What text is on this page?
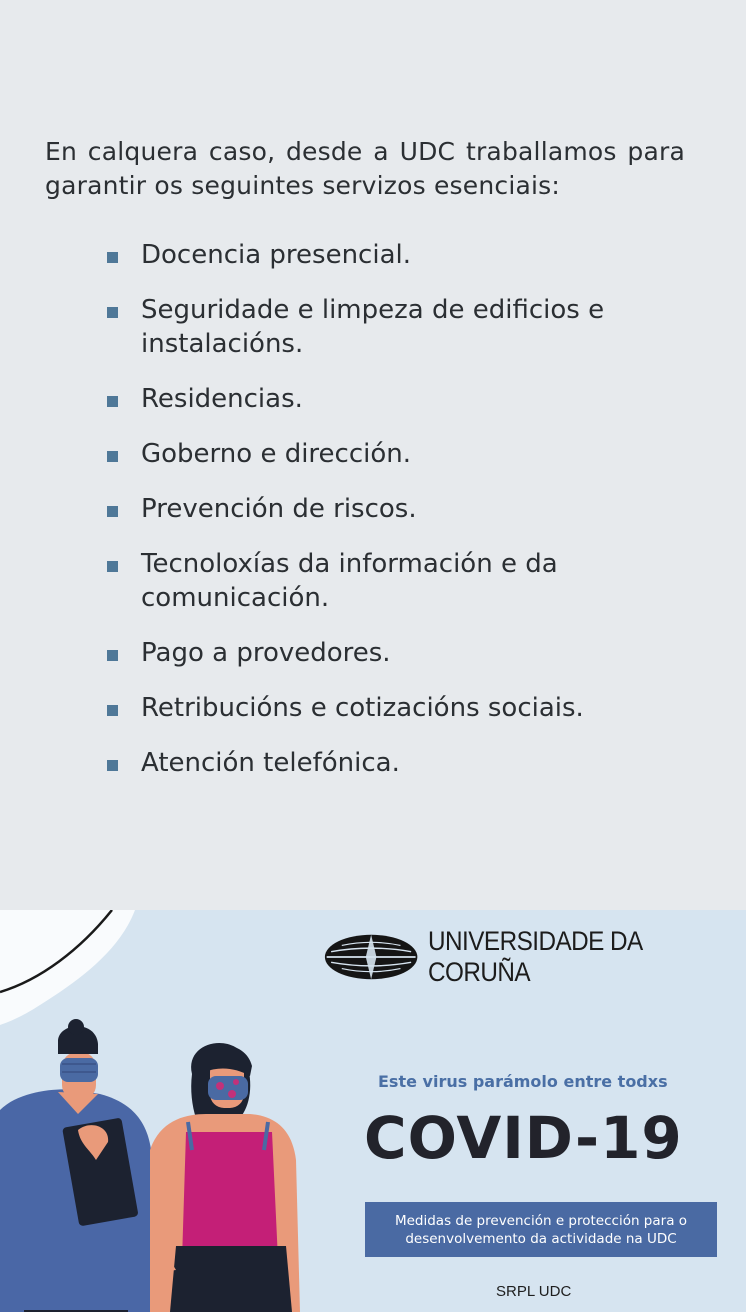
En calquera caso, desde a UDC traballamos para garantir os seguintes servizos esenciais:

Docencia presencial.
Seguridade e limpeza de edificios e instalacións.
Residencias.
Goberno e dirección.
Prevención de riscos.
Tecnoloxías da información e da comunicación.
Pago a provedores.
Retribucións e cotizacións sociais.
Atención telefónica.
UNIVERSIDADE DA CORUÑA
Este virus parámolo entre todxs
COVID-19
Medidas de prevención e protección para o desenvolvemento da actividade na UDC
SRPL UDC
